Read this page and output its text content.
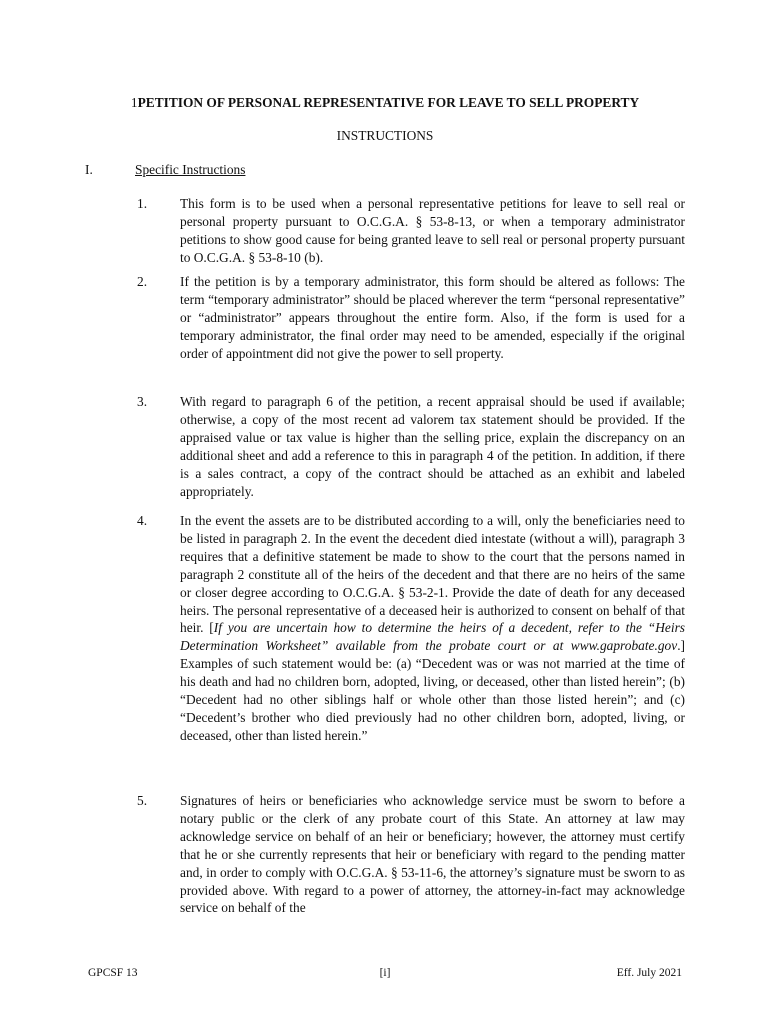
1PETITION OF PERSONAL REPRESENTATIVE FOR LEAVE TO SELL PROPERTY
INSTRUCTIONS
I.	Specific Instructions
1. This form is to be used when a personal representative petitions for leave to sell real or personal property pursuant to O.C.G.A. § 53-8-13, or when a temporary administrator petitions to show good cause for being granted leave to sell real or personal property pursuant to O.C.G.A. § 53-8-10 (b).
2. If the petition is by a temporary administrator, this form should be altered as follows: The term “temporary administrator” should be placed wherever the term “personal representative” or “administrator” appears throughout the entire form. Also, if the form is used for a temporary administrator, the final order may need to be amended, especially if the original order of appointment did not give the power to sell property.
3. With regard to paragraph 6 of the petition, a recent appraisal should be used if available; otherwise, a copy of the most recent ad valorem tax statement should be provided. If the appraised value or tax value is higher than the selling price, explain the discrepancy on an additional sheet and add a reference to this in paragraph 4 of the petition. In addition, if there is a sales contract, a copy of the contract should be attached as an exhibit and labeled appropriately.
4. In the event the assets are to be distributed according to a will, only the beneficiaries need to be listed in paragraph 2. In the event the decedent died intestate (without a will), paragraph 3 requires that a definitive statement be made to show to the court that the persons named in paragraph 2 constitute all of the heirs of the decedent and that there are no heirs of the same or closer degree according to O.C.G.A. § 53-2-1. Provide the date of death for any deceased heirs. The personal representative of a deceased heir is authorized to consent on behalf of that heir. [If you are uncertain how to determine the heirs of a decedent, refer to the “Heirs Determination Worksheet” available from the probate court or at www.gaprobate.gov.] Examples of such statement would be: (a) “Decedent was or was not married at the time of his death and had no children born, adopted, living, or deceased, other than listed herein”; (b) “Decedent had no other siblings half or whole other than those listed herein”; and (c) “Decedent’s brother who died previously had no other children born, adopted, living, or deceased, other than listed herein.”
5. Signatures of heirs or beneficiaries who acknowledge service must be sworn to before a notary public or the clerk of any probate court of this State. An attorney at law may acknowledge service on behalf of an heir or beneficiary; however, the attorney must certify that he or she currently represents that heir or beneficiary with regard to the pending matter and, in order to comply with O.C.G.A. § 53-11-6, the attorney’s signature must be sworn to as provided above. With regard to a power of attorney, the attorney-in-fact may acknowledge service on behalf of the
GPCSF 13	[i]	Eff. July 2021
